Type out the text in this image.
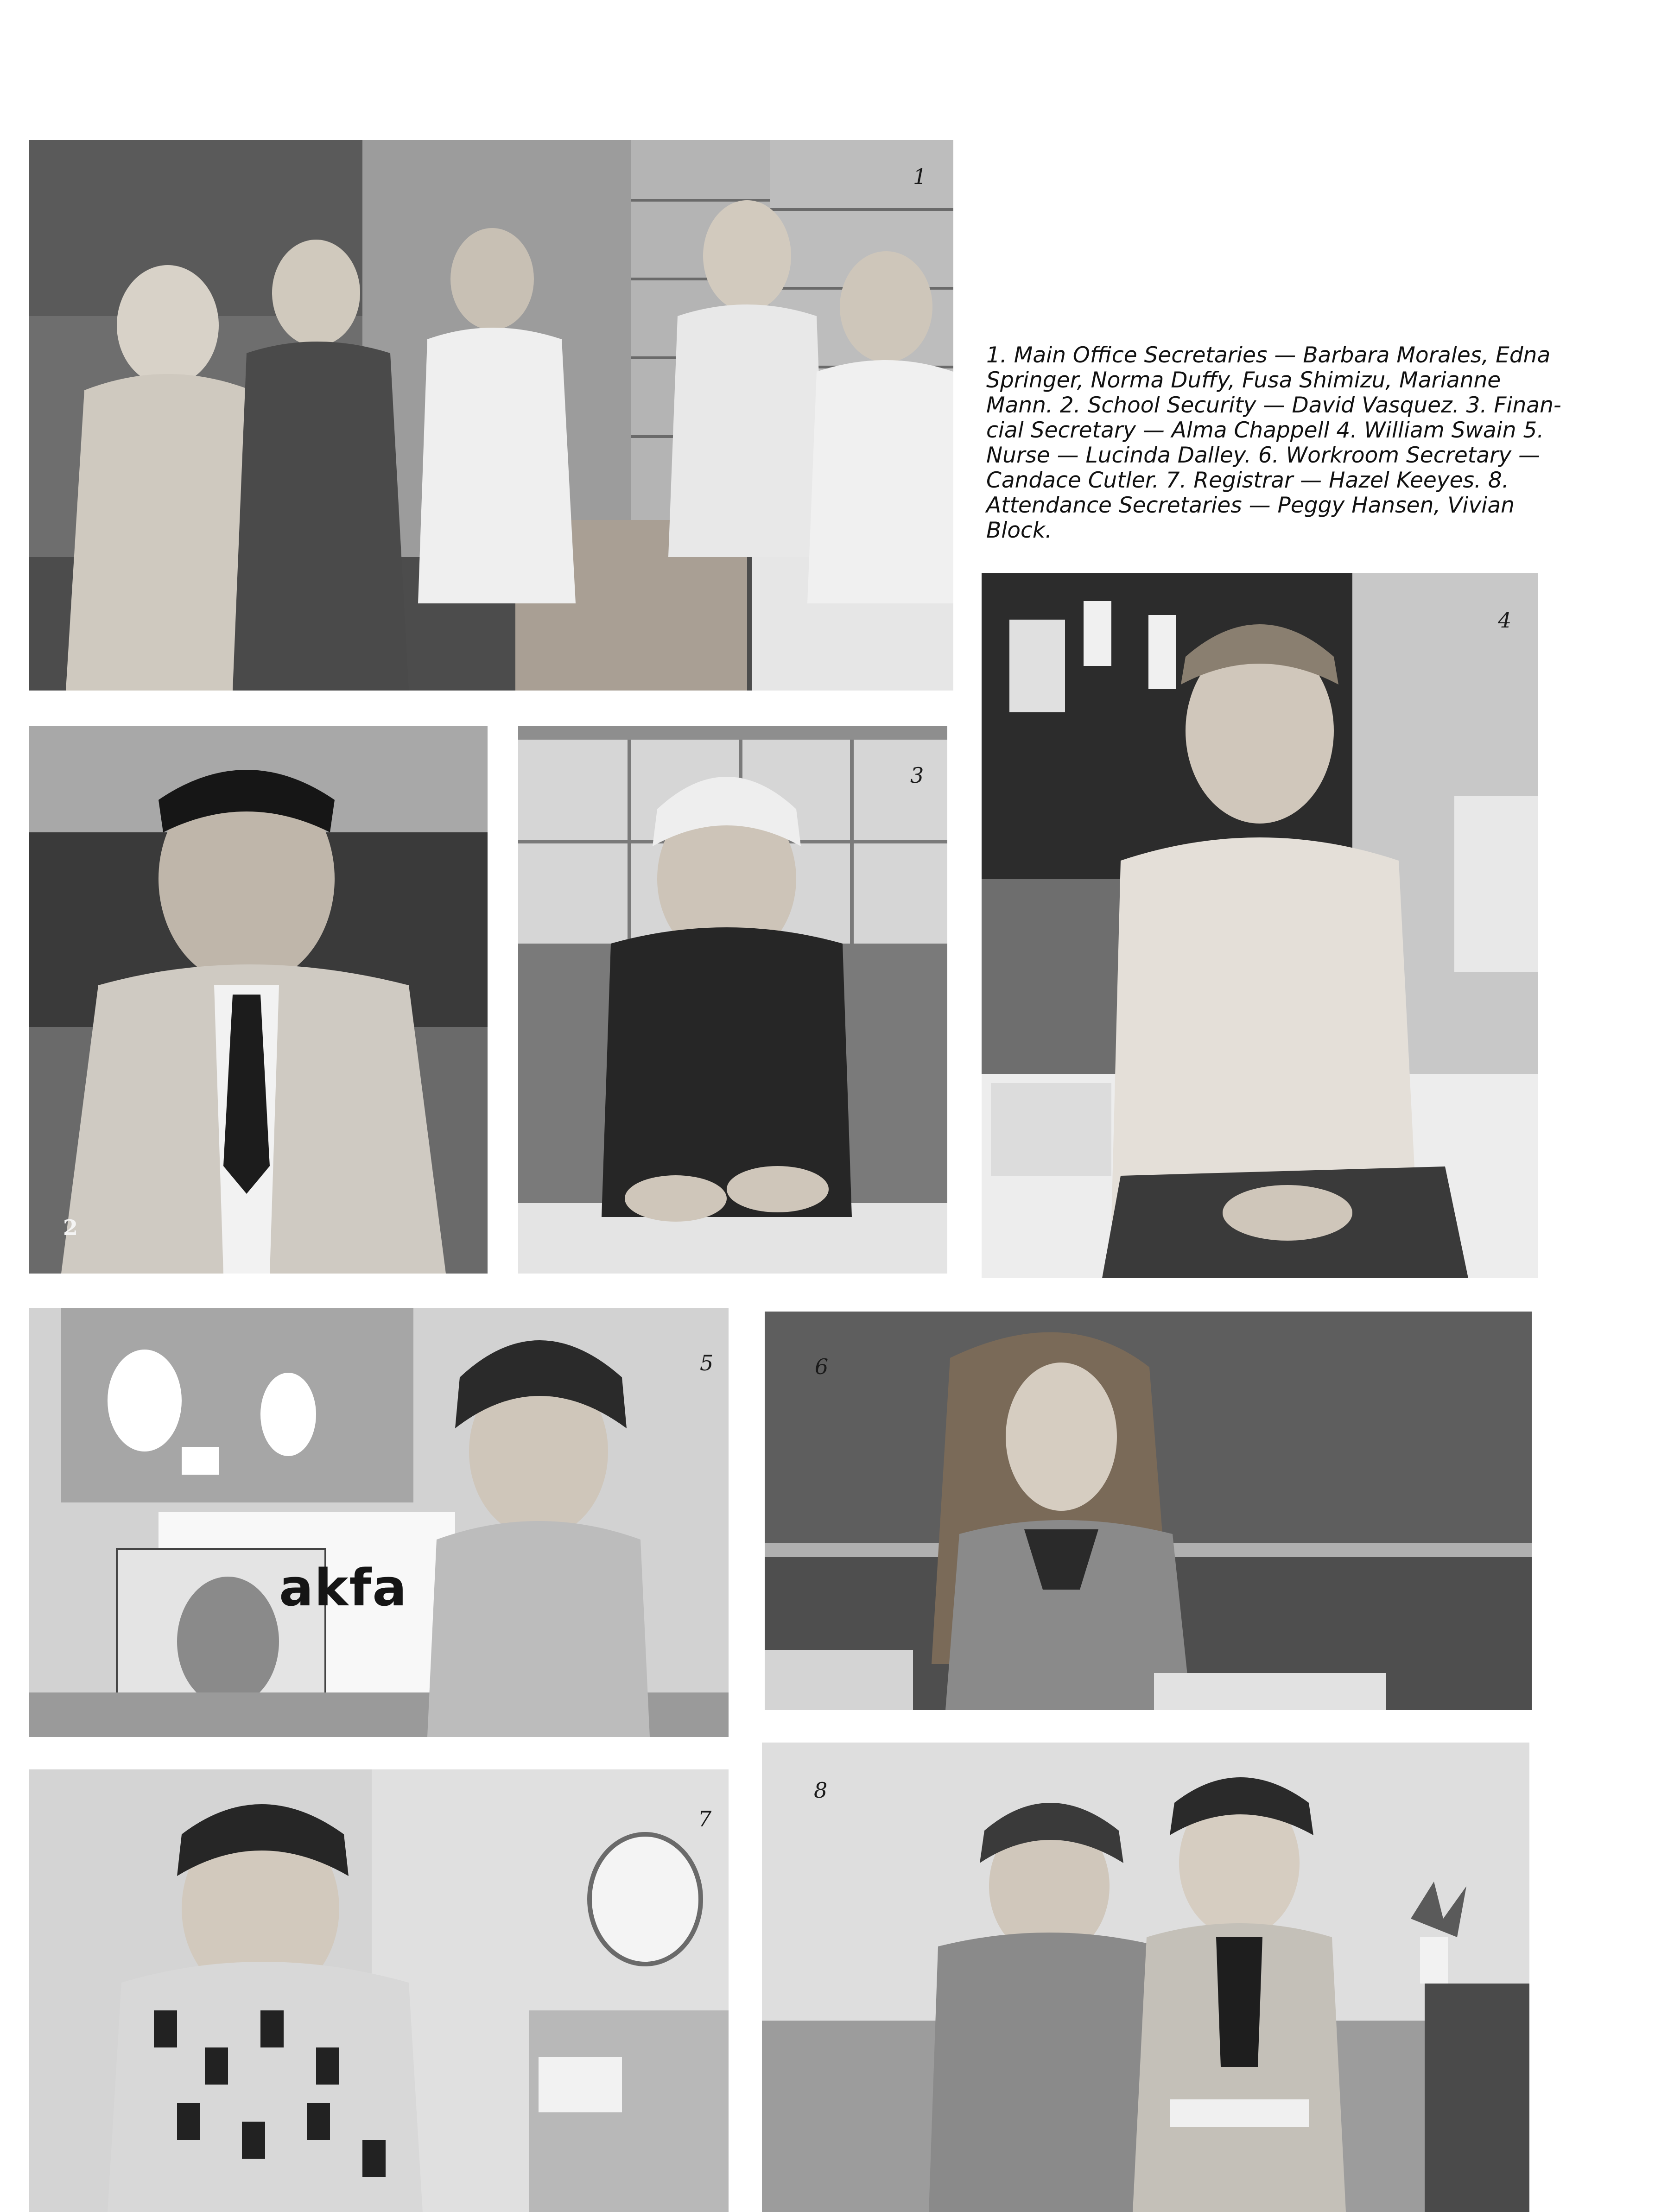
1. Main Office Secretaries — Barbara Morales, Edna
Springer, Norma Duffy, Fusa Shimizu, Marianne
Mann. 2. School Security — David Vasquez. 3. Finan-
cial Secretary — Alma Chappell 4. William Swain 5.
Nurse — Lucinda Dalley. 6. Workroom Secretary —
Candace Cutler. 7. Registrar — Hazel Keeyes. 8.
Attendance Secretaries — Peggy Hansen, Vivian
Block.
1
2
3
4
akfa
5	6
7
8
